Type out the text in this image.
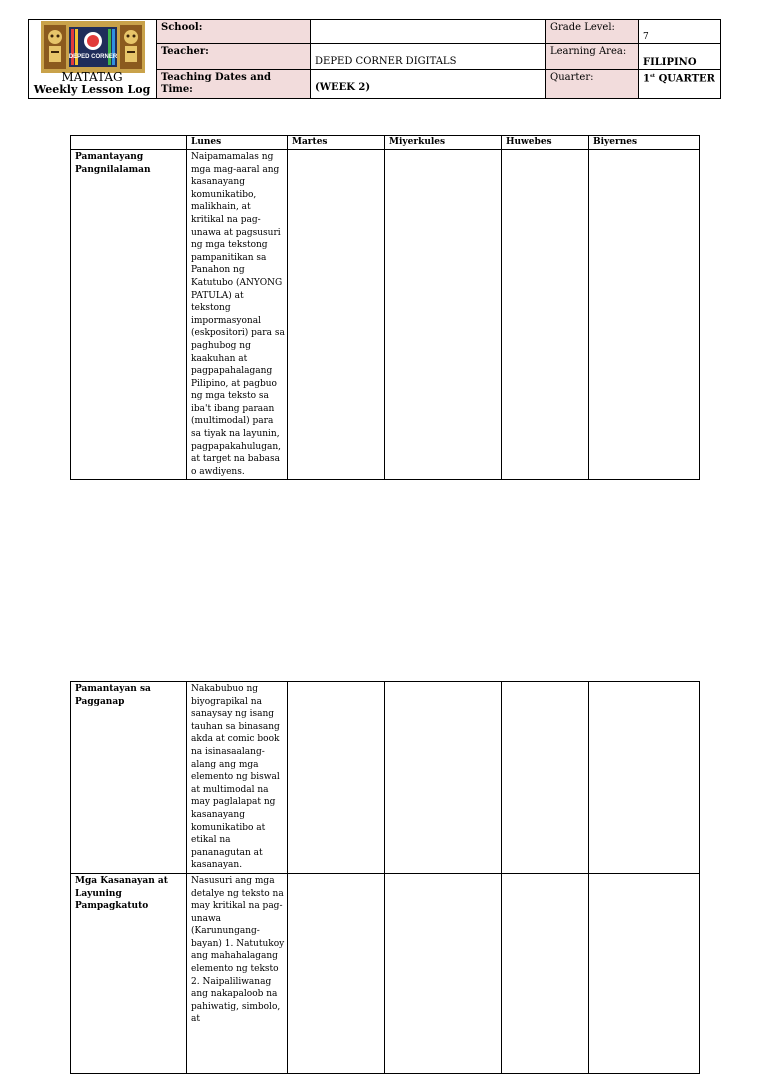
DEPED CORNER	School:		Grade Level:	7
	Teacher:	DEPED CORNER DIGITALS	Learning Area:	FILIPINO
	Teaching Dates and Time:	(WEEK 2)	Quarter:	1st QUARTER
MATATAG
Weekly Lesson Log
	Lunes	Martes	Miyerkules	Huwebes	Biyernes
Pamantayang Pangnilalaman	Naipamamalas ng mga mag-aaral ang kasanayang komunikatibo, malikhain, at kritikal na pag-unawa at pagsusuri ng mga tekstong pampanitikan sa Panahon ng Katutubo (ANYONG PATULA) at tekstong impormasyonal (eskpositori) para sa paghubog ng kaakuhan at pagpapahalagang Pilipino, at pagbuo ng mga teksto sa iba't ibang paraan (multimodal) para sa tiyak na layunin, pagpapakahulugan, at target na babasa o awdiyens.				
Pamantayan sa Pagganap	Nakabubuo ng biyograpikal na sanaysay ng isang tauhan sa binasang akda at comic book na isinasaalang-alang ang mga elemento ng biswal at multimodal na may paglalapat ng kasanayang komunikatibo at etikal na pananagutan at kasanayan.				
Mga Kasanayan at Layuning Pampagkatuto	Nasusuri ang mga detalye ng teksto na may kritikal na pag-unawa (Karunungang-bayan) 1. Natutukoy ang mahahalagang elemento ng teksto 2. Naipaliliwanag ang nakapaloob na pahiwatig, simbolo, at				
